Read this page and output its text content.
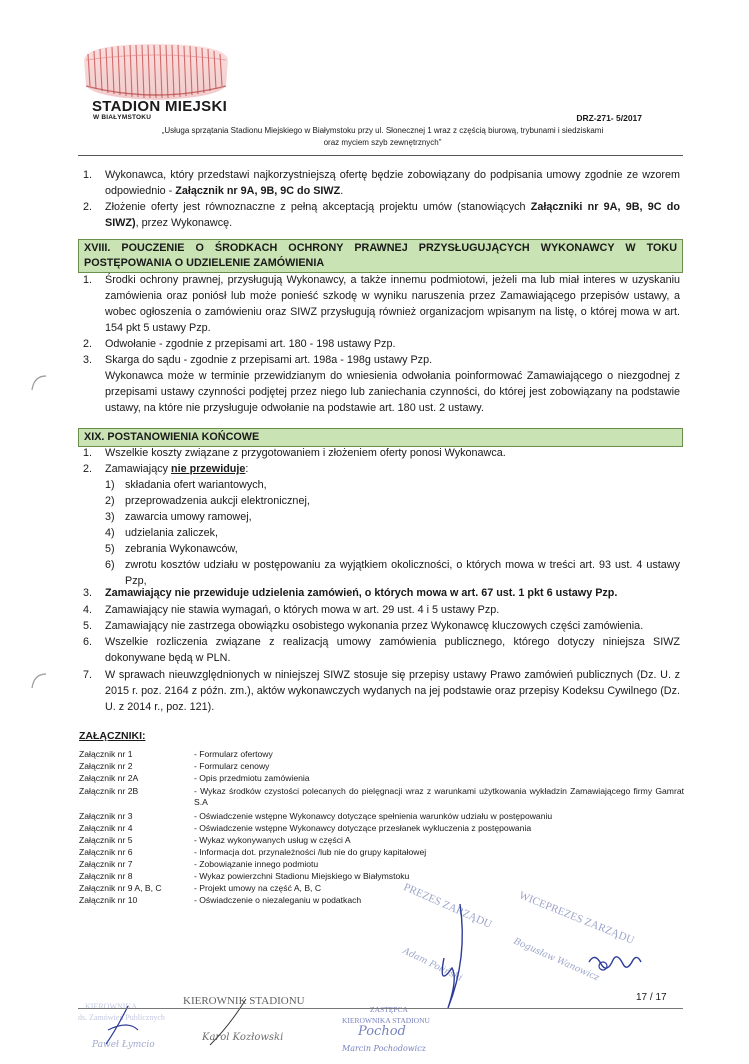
STADION MIEJSKI
W BIAŁYMSTOKU	DRZ-271- 5/2017
„Usługa sprzątania Stadionu Miejskiego w Białymstoku przy ul. Słonecznej 1 wraz z częścią biurową, trybunami i siedziskami
oraz myciem szyb zewnętrznych”
1.	Wykonawca, który przedstawi najkorzystniejszą ofertę będzie zobowiązany do podpisania umowy zgodnie ze wzorem odpowiednio - Załącznik nr 9A, 9B, 9C do SIWZ.
2.	Złożenie oferty jest równoznaczne z pełną akceptacją projektu umów (stanowiących Załączniki nr 9A, 9B, 9C do SIWZ), przez Wykonawcę.
XVIII. POUCZENIE O ŚRODKACH OCHRONY PRAWNEJ PRZYSŁUGUJĄCYCH WYKONAWCY W TOKU POSTĘPOWANIA O UDZIELENIE ZAMÓWIENIA
1.	Środki ochrony prawnej, przysługują Wykonawcy, a także innemu podmiotowi, jeżeli ma lub miał interes w uzyskaniu zamówienia oraz poniósł lub może ponieść szkodę w wyniku naruszenia przez Zamawiającego przepisów ustawy, a wobec ogłoszenia o zamówieniu oraz SIWZ przysługują również organizacjom wpisanym na listę, o której mowa w art. 154 pkt 5 ustawy Pzp.
2.	Odwołanie - zgodnie z przepisami art. 180 - 198 ustawy Pzp.
3.	Skarga do sądu - zgodnie z przepisami art. 198a - 198g ustawy Pzp.
Wykonawca może w terminie przewidzianym do wniesienia odwołania poinformować Zamawiającego o niezgodnej z przepisami ustawy czynności podjętej przez niego lub zaniechania czynności, do której jest zobowiązany na podstawie ustawy, na które nie przysługuje odwołanie na podstawie art. 180 ust. 2 ustawy.
XIX. POSTANOWIENIA KOŃCOWE
1.	Wszelkie koszty związane z przygotowaniem i złożeniem oferty ponosi Wykonawca.
2.	Zamawiający nie przewiduje:
1) składania ofert wariantowych,
2) przeprowadzenia aukcji elektronicznej,
3) zawarcia umowy ramowej,
4) udzielania zaliczek,
5) zebrania Wykonawców,
6) zwrotu kosztów udziału w postępowaniu za wyjątkiem okoliczności, o których mowa w treści art. 93 ust. 4 ustawy Pzp,
3.	Zamawiający nie przewiduje udzielenia zamówień, o których mowa w art. 67 ust. 1 pkt 6 ustawy Pzp.
4.	Zamawiający nie stawia wymagań, o których mowa w art. 29 ust. 4 i 5 ustawy Pzp.
5.	Zamawiający nie zastrzega obowiązku osobistego wykonania przez Wykonawcę kluczowych części zamówienia.
6.	Wszelkie rozliczenia związane z realizacją umowy zamówienia publicznego, którego dotyczy niniejsza SIWZ dokonywane będą w PLN.
7.	W sprawach nieuwzględnionych w niniejszej SIWZ stosuje się przepisy ustawy Prawo zamówień publicznych (Dz. U. z 2015 r. poz. 2164 z późn. zm.), aktów wykonawczych wydanych na jej podstawie oraz przepisy Kodeksu Cywilnego (Dz. U. z 2014 r., poz. 121).
ZAŁĄCZNIKI:
Załącznik nr 1	- Formularz ofertowy
Załącznik nr 2	- Formularz cenowy
Załącznik nr 2A	- Opis przedmiotu zamówienia
Załącznik nr 2B	- Wykaz środków czystości polecanych do pielęgnacji wraz z warunkami użytkowania wykładzin Zamawiającego firmy Gamrat S.A
Załącznik nr 3	- Oświadczenie wstępne Wykonawcy dotyczące spełnienia warunków udziału w postępowaniu
Załącznik nr 4	- Oświadczenie wstępne Wykonawcy dotyczące przesłanek wykluczenia z postępowania
Załącznik nr 5	- Wykaz wykonywanych usług w części A
Załącznik nr 6	- Informacja dot. przynależności /lub nie do grupy kapitałowej
Załącznik nr 7	- Zobowiązanie innego podmiotu
Załącznik nr 8	- Wykaz powierzchni Stadionu Miejskiego w Białymstoku
Załącznik nr 9 A, B, C	- Projekt umowy na część A, B, C
Załącznik nr 10	- Oświadczenie o niezaleganiu w podatkach	PREZES ZARZĄDU
Adam Poliński
WICEPREZES ZARZĄDU
Bogusław Wanowicz
KIEROWNIKA
ds. Zamówień Publicznych
Paweł Łymcio
KIEROWNIK STADIONU
Karol Kozłowski
ZASTĘPCA
KIEROWNIKA STADIONU
Pochod
Marcin Pochodowicz
17 / 17
